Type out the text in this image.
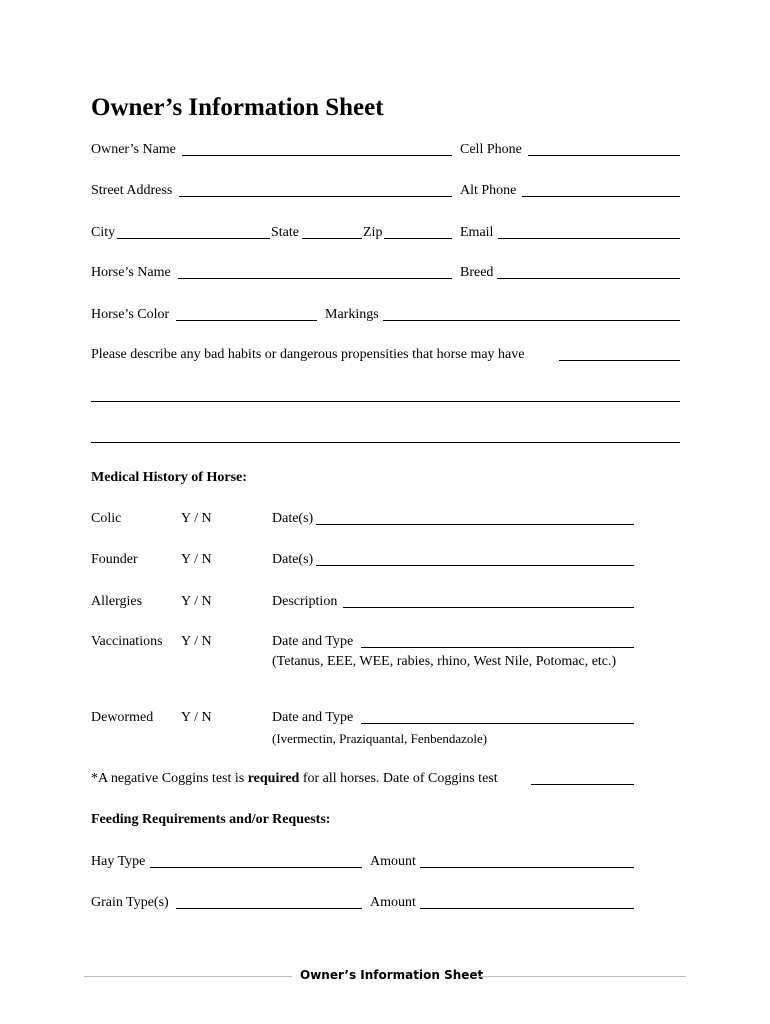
Owner’s Information Sheet
Owner’s Name	Cell Phone
Street Address	Alt Phone
City	State	Zip	Email
Horse’s Name	Breed
Horse’s Color	Markings
Please describe any bad habits or dangerous propensities that horse may have
Medical History of Horse:
Colic	Y / N	Date(s)
Founder	Y / N	Date(s)
Allergies	Y / N	Description
Vaccinations Y / N	Date and Type
(Tetanus, EEE, WEE, rabies, rhino, West Nile, Potomac, etc.)
Dewormed Y / N	Date and Type
(Ivermectin, Praziquantal, Fenbendazole)
*A negative Coggins test is required for all horses. Date of Coggins test
Feeding Requirements and/or Requests:
Hay Type	Amount
Grain Type(s)	Amount
Owner’s Information Sheet
